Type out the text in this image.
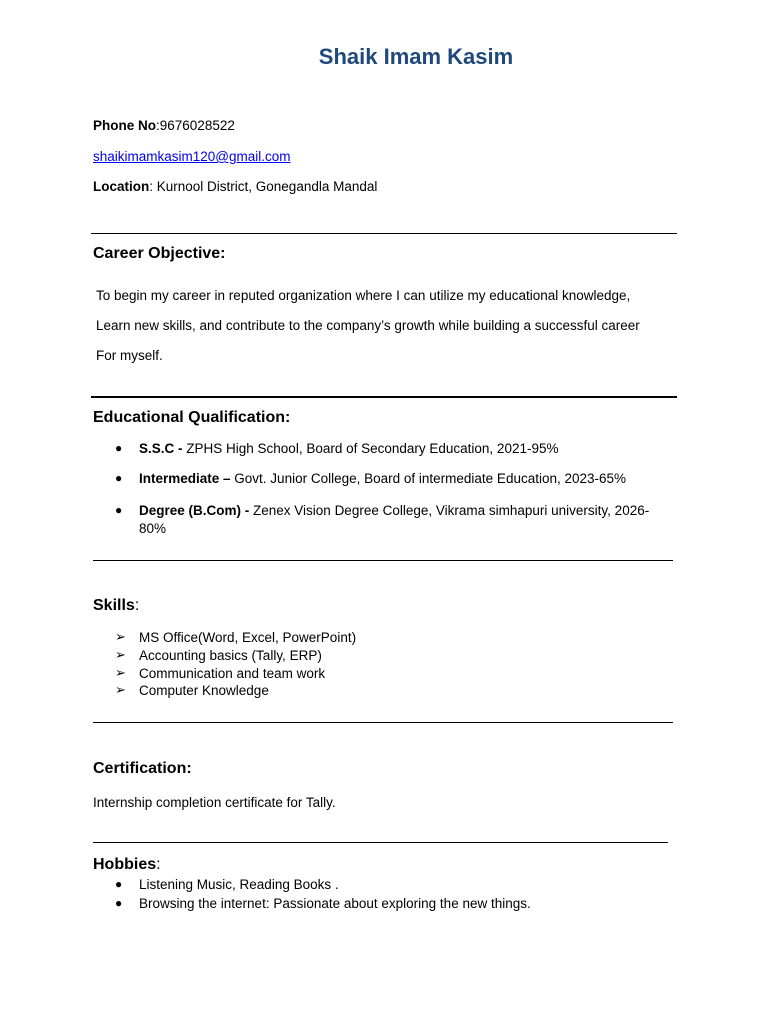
Shaik Imam Kasim
Phone No:9676028522
shaikimamkasim120@gmail.com
Location: Kurnool District, Gonegandla Mandal
Career Objective:
To begin my career in reputed organization where I can utilize my educational knowledge,
Learn new skills, and contribute to the company’s growth while building a successful career
For myself.
Educational Qualification:
● S.S.C - ZPHS High School, Board of Secondary Education, 2021-95%
● Intermediate – Govt. Junior College, Board of intermediate Education, 2023-65%
● Degree (B.Com) - Zenex Vision Degree College, Vikrama simhapuri university, 2026-
80%
Skills:
➢ MS Office(Word, Excel, PowerPoint)
➢ Accounting basics (Tally, ERP)
➢ Communication and team work
➢ Computer Knowledge
Certification:
Internship completion certificate for Tally.
Hobbies:
● Listening Music, Reading Books .
● Browsing the internet: Passionate about exploring the new things.
